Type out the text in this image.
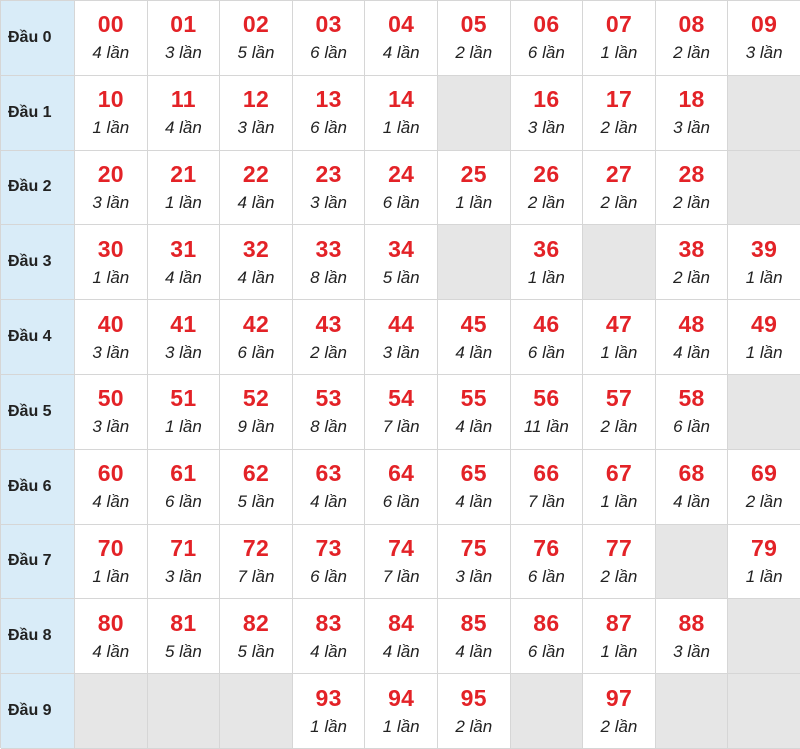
Đầu 0	00
4 lần
01
3 lần
02
5 lần
03
6 lần
04
4 lần
05
2 lần
06
6 lần
07
1 lần
08
2 lần
09
3 lần
Đầu 1	10
1 lần
11
4 lần
12
3 lần
13
6 lần
14
1 lần
16
3 lần
17
2 lần
18
3 lần
Đầu 2	20
3 lần
21
1 lần
22
4 lần
23
3 lần
24
6 lần
25
1 lần
26
2 lần
27
2 lần
28
2 lần
Đầu 3	30
1 lần
31
4 lần
32
4 lần
33
8 lần
34
5 lần
36
1 lần
38
2 lần
39
1 lần
Đầu 4	40
3 lần
41
3 lần
42
6 lần
43
2 lần
44
3 lần
45
4 lần
46
6 lần
47
1 lần
48
4 lần
49
1 lần
Đầu 5	50
3 lần
51
1 lần
52
9 lần
53
8 lần
54
7 lần
55
4 lần
56
11 lần
57
2 lần
58
6 lần
Đầu 6	60
4 lần
61
6 lần
62
5 lần
63
4 lần
64
6 lần
65
4 lần
66
7 lần
67
1 lần
68
4 lần
69
2 lần
Đầu 7	70
1 lần
71
3 lần
72
7 lần
73
6 lần
74
7 lần
75
3 lần
76
6 lần
77
2 lần
79
1 lần
Đầu 8	80
4 lần
81
5 lần
82
5 lần
83
4 lần
84
4 lần
85
4 lần
86
6 lần
87
1 lần
88
3 lần
Đầu 9	93
1 lần
94
1 lần
95
2 lần
97
2 lần
